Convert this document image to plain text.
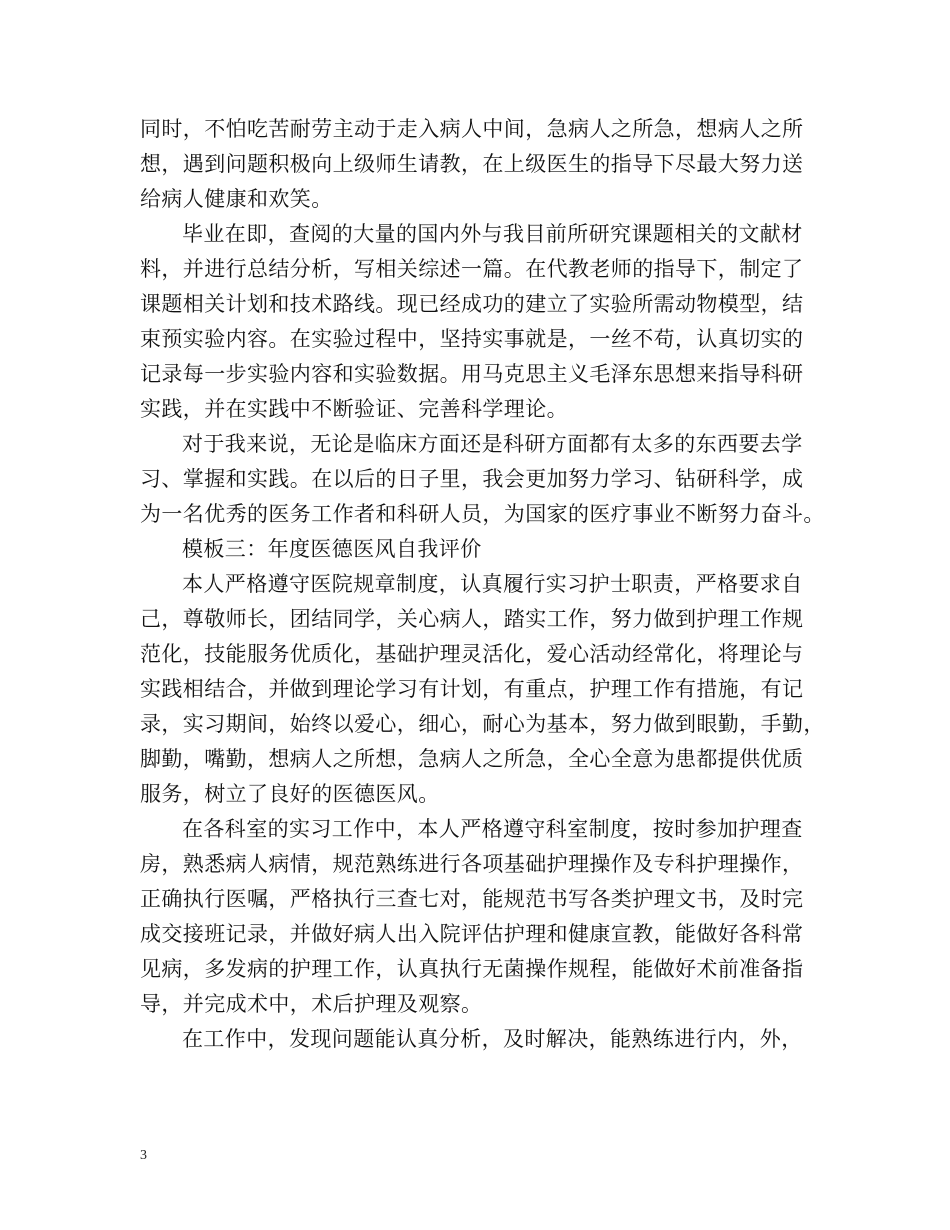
同时，不怕吃苦耐劳主动于走入病人中间，急病人之所急，想病人之所
想，遇到问题积极向上级师生请教，在上级医生的指导下尽最大努力送
给病人健康和欢笑。
毕业在即，查阅的大量的国内外与我目前所研究课题相关的文献材
料，并进行总结分析，写相关综述一篇。在代教老师的指导下，制定了
课题相关计划和技术路线。现已经成功的建立了实验所需动物模型，结
束预实验内容。在实验过程中，坚持实事就是，一丝不苟，认真切实的
记录每一步实验内容和实验数据。用马克思主义毛泽东思想来指导科研
实践，并在实践中不断验证、完善科学理论。
对于我来说，无论是临床方面还是科研方面都有太多的东西要去学
习、掌握和实践。在以后的日子里，我会更加努力学习、钻研科学，成
为一名优秀的医务工作者和科研人员，为国家的医疗事业不断努力奋斗。
模板三：年度医德医风自我评价
本人严格遵守医院规章制度，认真履行实习护士职责，严格要求自
己，尊敬师长，团结同学，关心病人，踏实工作，努力做到护理工作规
范化，技能服务优质化，基础护理灵活化，爱心活动经常化，将理论与
实践相结合，并做到理论学习有计划，有重点，护理工作有措施，有记
录，实习期间，始终以爱心，细心，耐心为基本，努力做到眼勤，手勤，
脚勤，嘴勤，想病人之所想，急病人之所急，全心全意为患都提供优质
服务，树立了良好的医德医风。
在各科室的实习工作中，本人严格遵守科室制度，按时参加护理查
房，熟悉病人病情，规范熟练进行各项基础护理操作及专科护理操作，
正确执行医嘱，严格执行三查七对，能规范书写各类护理文书，及时完
成交接班记录，并做好病人出入院评估护理和健康宣教，能做好各科常
见病，多发病的护理工作，认真执行无菌操作规程，能做好术前准备指
导，并完成术中，术后护理及观察。
在工作中，发现问题能认真分析，及时解决，能熟练进行内，外，
3
